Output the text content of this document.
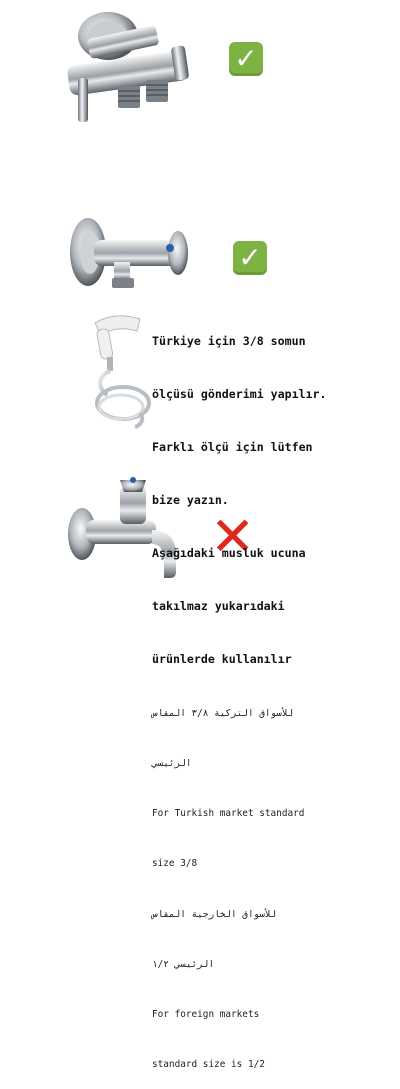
✓
✓
✕

Türkiye için 3/8 somun

ölçüsü gönderimi yapılır.

Farklı ölçü için lütfen

bize yazın.

Aşağıdaki musluk ucuna

takılmaz yukarıdaki

ürünlerde kullanılır

للأسواق التركية ٣/٨ المقاس

الرئيسي

For Turkish market standard

size 3/8

للأسواق الخارجية المقاس

الرئيسي ١/٢

For foreign markets

standard size is 1/2
